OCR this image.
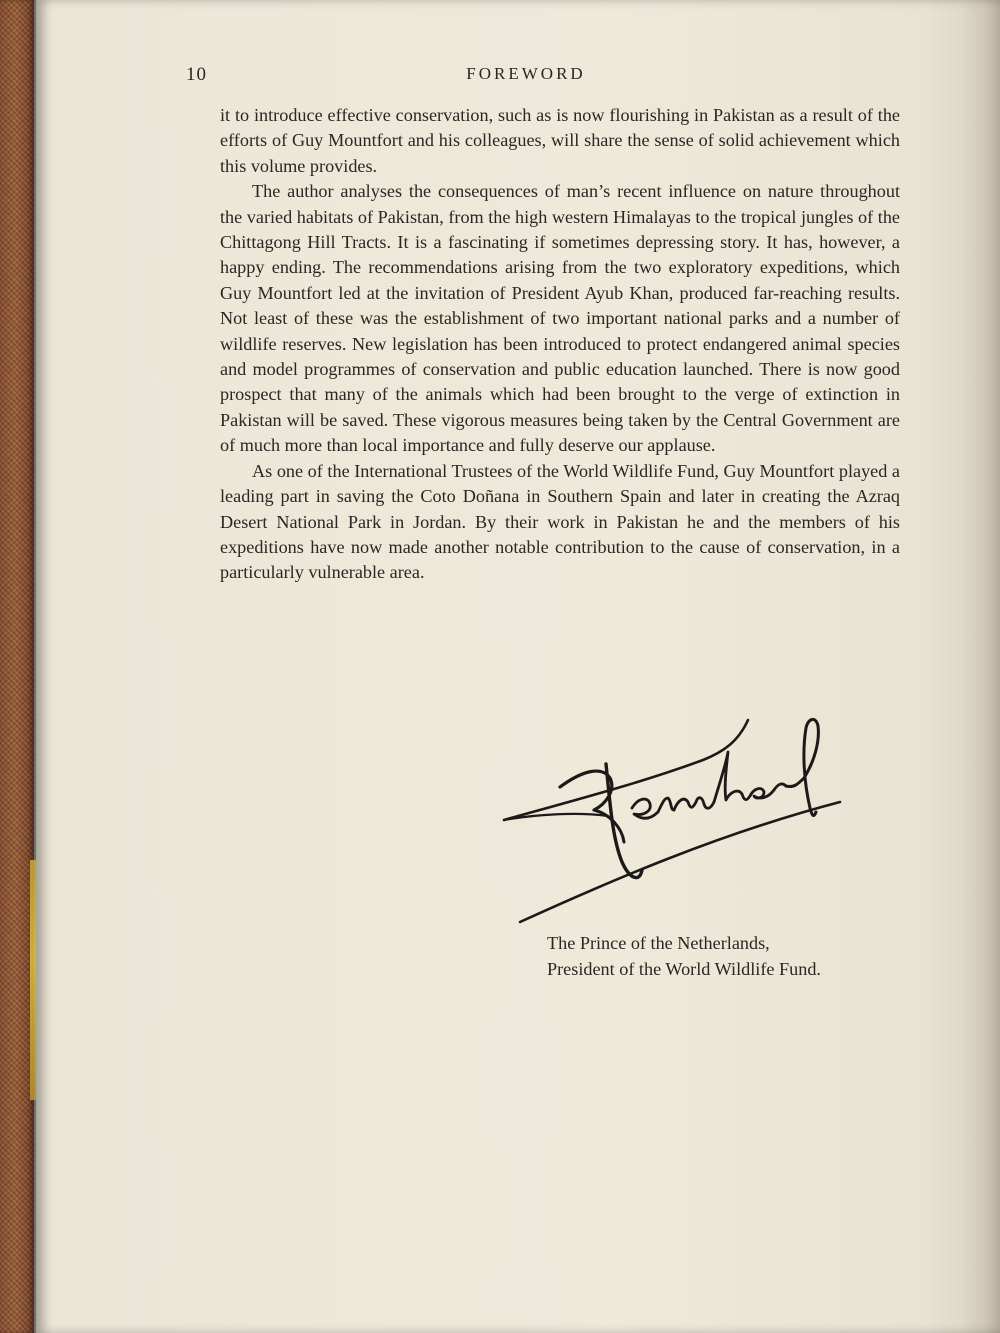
10	FOREWORD

it to introduce effective conservation, such as is now flourishing in Pakistan as a result of the efforts of Guy Mountfort and his colleagues, will share the sense of solid achievement which this volume provides.

The author analyses the consequences of man’s recent influence on nature throughout the varied habitats of Pakistan, from the high western Himalayas to the tropical jungles of the Chittagong Hill Tracts. It is a fascinating if sometimes depressing story. It has, however, a happy ending. The recommendations arising from the two exploratory expeditions, which Guy Mountfort led at the invitation of President Ayub Khan, produced far-reaching results. Not least of these was the establishment of two important national parks and a number of wildlife reserves. New legislation has been introduced to protect endangered animal species and model programmes of conservation and public education launched. There is now good prospect that many of the animals which had been brought to the verge of extinction in Pakistan will be saved. These vigorous measures being taken by the Central Government are of much more than local importance and fully deserve our applause.

As one of the International Trustees of the World Wildlife Fund, Guy Mountfort played a leading part in saving the Coto Doñana in Southern Spain and later in creating the Azraq Desert National Park in Jordan. By their work in Pakistan he and the members of his expeditions have now made another notable contribution to the cause of conservation, in a particularly vulnerable area.

The Prince of the Netherlands,
President of the World Wildlife Fund.
